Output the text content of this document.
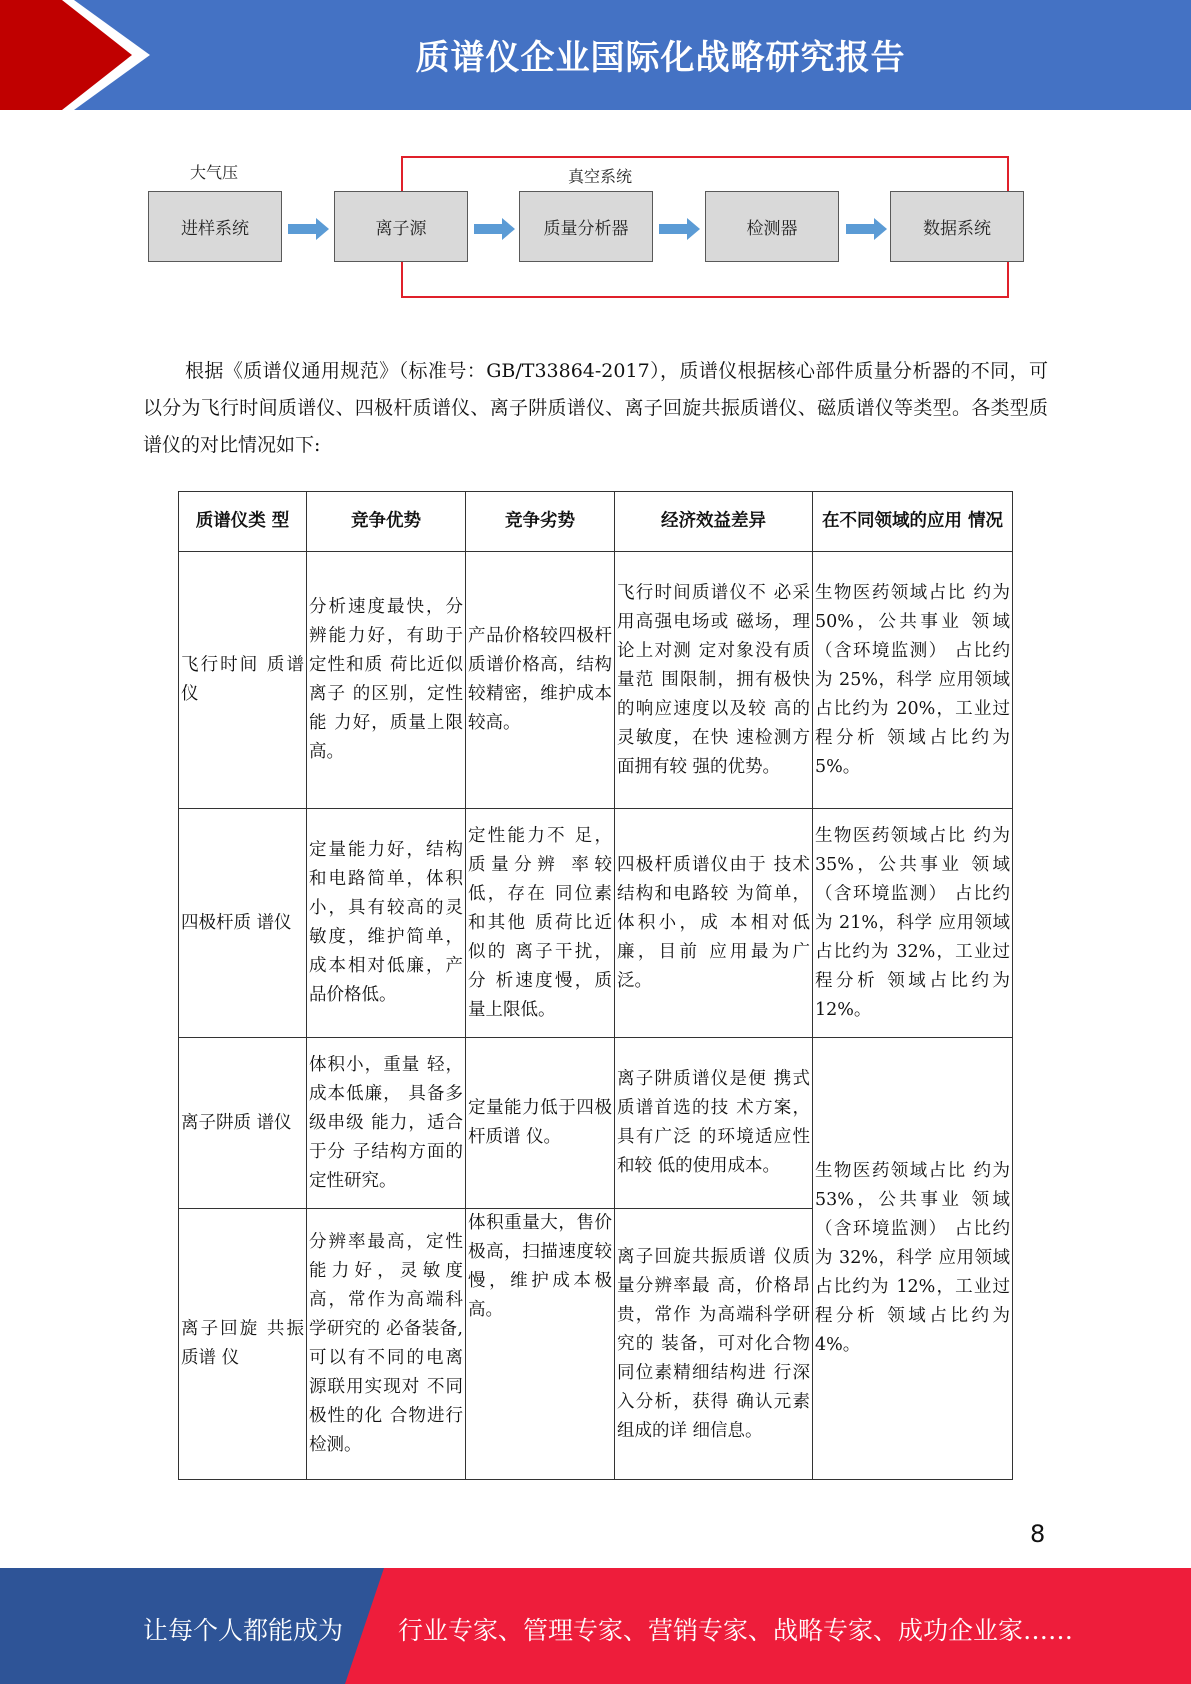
质谱仪企业国际化战略研究报告
大气压	真空系统
进样系统	离子源	质量分析器	检测器	数据系统

根据《质谱仪通用规范》（标准号：GB/T33864-2017），质谱仪根据核心部件质量分析器的不同，可以分为飞行时间质谱仪、四极杆质谱仪、离子阱质谱仪、离子回旋共振质谱仪、磁质谱仪等类型。各类型质谱仪的对比情况如下:

质谱仪类 型	竞争优势	竞争劣势	经济效益差异	在不同领域的应用 情况
飞行时间 质谱仪	分析速度最快，分辨能力好，有助于定性和质 荷比近似离子 的区别，定性能 力好，质量上限 高。	产品价格较四极杆质谱价格高，结构较精密，维护成本较高。	飞行时间质谱仪不 必采用高强电场或 磁场，理论上对测 定对象没有质量范 围限制，拥有极快 的响应速度以及较 高的灵敏度，在快 速检测方面拥有较 强的优势。	生物医药领域占比 约为 50%，公共事业 领域（含环境监测） 占比约为 25%，科学 应用领域占比约为 20%，工业过程分析 领域占比约为 5%。
四极杆质 谱仪	定量能力好，结构和电路简单，体积小，具有较高的灵敏度，维护简单，成本相对低廉，产品价格低。	定性能力不 足，质量分辨 率较低，存在 同位素和其他 质荷比近似的 离子干扰，分 析速度慢，质 量上限低。	四极杆质谱仪由于 技术结构和电路较 为简单，体积小，成 本相对低廉，目前 应用最为广泛。	生物医药领域占比 约为 35%，公共事业 领域（含环境监测） 占比约为 21%，科学 应用领域占比约为 32%，工业过程分析 领域占比约为 12%。
离子阱质 谱仪	体积小，重量 轻，成本低廉， 具备多级串级 能力，适合于分 子结构方面的 定性研究。	定量能力低于四极杆质谱 仪。	离子阱质谱仪是便 携式质谱首选的技 术方案，具有广泛 的环境适应性和较 低的使用成本。	生物医药领域占比 约为 53%，公共事业 领域（含环境监测） 占比约为 32%，科学 应用领域占比约为 12%，工业过程分析 领域占比约为 4%。
离子回旋 共振质谱 仪	分辨率最高，定性能力好，灵敏度高，常作为高端科学研究的 必备装备,可以有不同的电离 源联用实现对 不同极性的化 合物进行检测。	体积重量大，售价极高，扫描速度较慢，维护成本极 高。	离子回旋共振质谱 仪质量分辨率最 高，价格昂贵，常作 为高端科学研究的 装备，可对化合物同位素精细结构进 行深入分析，获得 确认元素组成的详 细信息。	
8
让每个人都能成为 行业专家、管理专家、营销专家、战略专家、成功企业家……
